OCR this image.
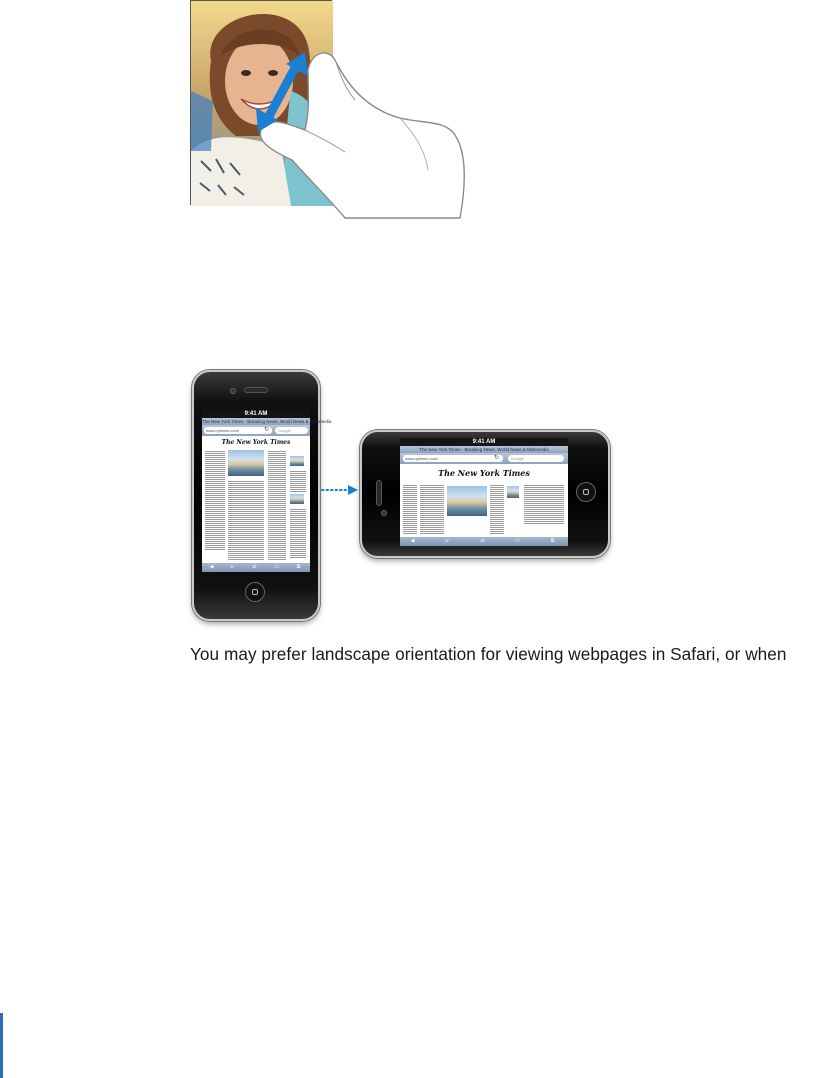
9:41 AM
The New York Times - Breaking News, World News & Multimedia
www.nytimes.com/	↻	Google
The New York Times
◀	▶	⇄	▭	⧉
9:41 AM
The New York Times - Breaking News, World News & Multimedia
www.nytimes.com/	↻	Google
The New York Times
◀	▶	⇄	▭	⧉
You may prefer landscape orientation for viewing webpages in Safari, or when
